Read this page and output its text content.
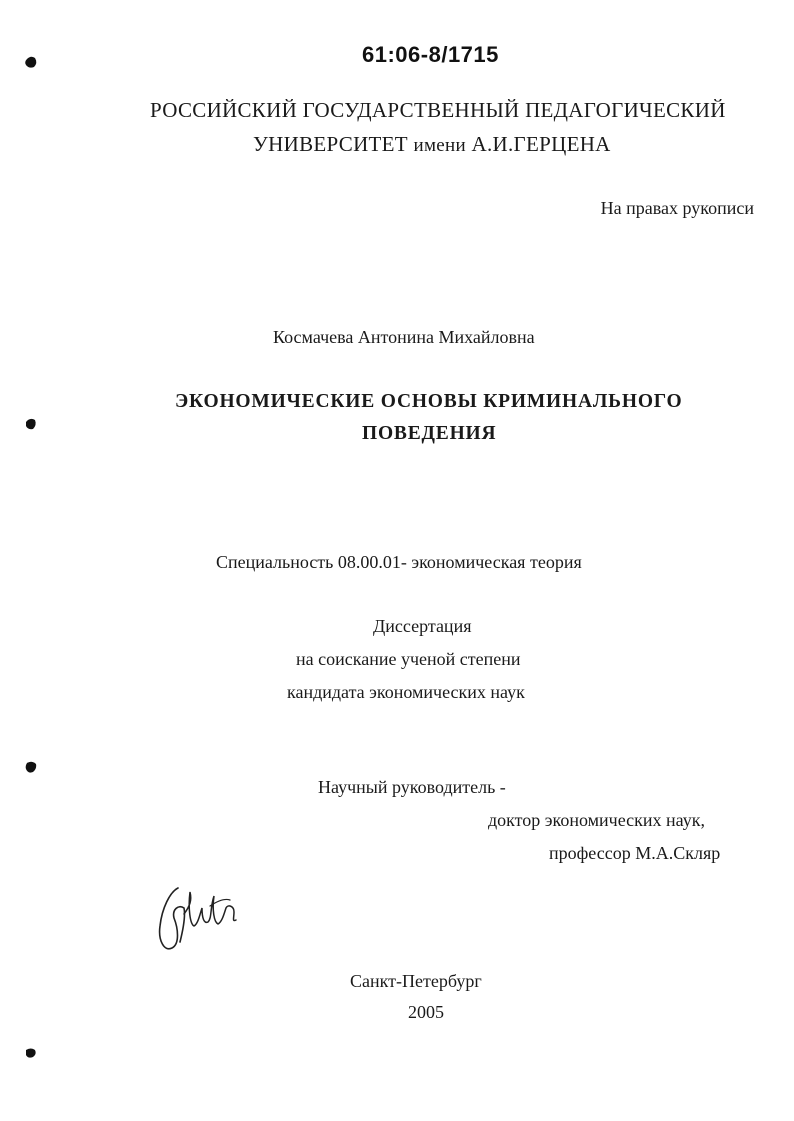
61:06-8/1715
РОССИЙСКИЙ ГОСУДАРСТВЕННЫЙ ПЕДАГОГИЧЕСКИЙ
УНИВЕРСИТЕТ имени А.И.ГЕРЦЕНА
На правах рукописи
Космачева Антонина Михайловна
ЭКОНОМИЧЕСКИЕ ОСНОВЫ КРИМИНАЛЬНОГО
ПОВЕДЕНИЯ
Специальность 08.00.01- экономическая теория
Диссертация
на соискание ученой степени
кандидата экономических наук
Научный руководитель -
доктор экономических наук,
профессор М.А.Скляр
Санкт-Петербург
2005
